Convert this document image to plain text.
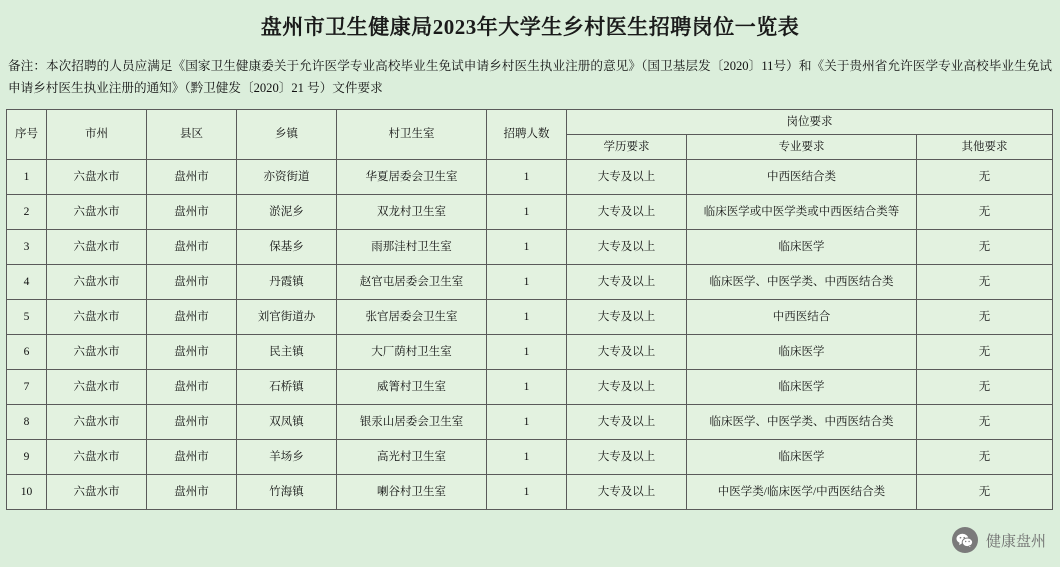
盘州市卫生健康局2023年大学生乡村医生招聘岗位一览表
备注：本次招聘的人员应满足《国家卫生健康委关于允许医学专业高校毕业生免试申请乡村医生执业注册的意见》（国卫基层发〔2020〕11号）和《关于贵州省允许医学专业高校毕业生免试申请乡村医生执业注册的通知》（黔卫健发〔2020〕21 号）文件要求
序号	市州	县区	乡镇	村卫生室	招聘人数	岗位要求		
						学历要求	专业要求	其他要求
1	六盘水市	盘州市	亦资街道	华夏居委会卫生室	1	大专及以上	中西医结合类	无
2	六盘水市	盘州市	淤泥乡	双龙村卫生室	1	大专及以上	临床医学或中医学类或中西医结合类等	无
3	六盘水市	盘州市	保基乡	雨那洼村卫生室	1	大专及以上	临床医学	无
4	六盘水市	盘州市	丹霞镇	赵官屯居委会卫生室	1	大专及以上	临床医学、中医学类、中西医结合类	无
5	六盘水市	盘州市	刘官街道办	张官居委会卫生室	1	大专及以上	中西医结合	无
6	六盘水市	盘州市	民主镇	大厂荫村卫生室	1	大专及以上	临床医学	无
7	六盘水市	盘州市	石桥镇	威箐村卫生室	1	大专及以上	临床医学	无
8	六盘水市	盘州市	双凤镇	银汞山居委会卫生室	1	大专及以上	临床医学、中医学类、中西医结合类	无
9	六盘水市	盘州市	羊场乡	高光村卫生室	1	大专及以上	临床医学	无
10	六盘水市	盘州市	竹海镇	喇谷村卫生室	1	大专及以上	中医学类/临床医学/中西医结合类	无
健康盘州
